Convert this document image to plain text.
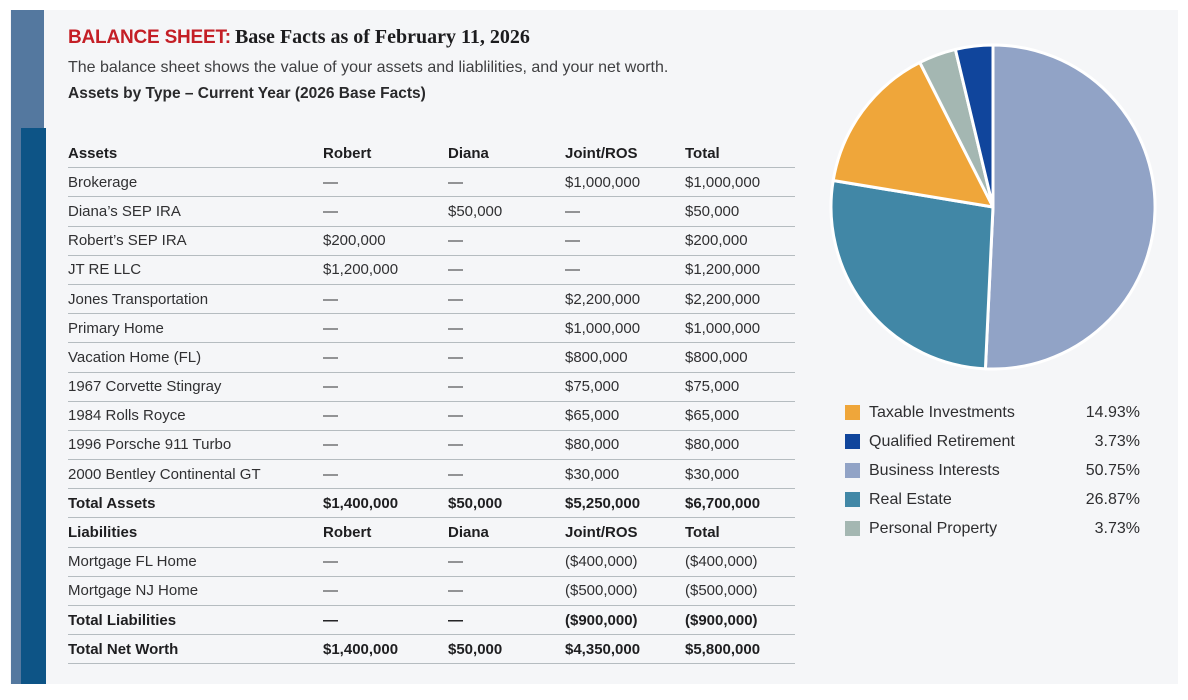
BALANCE SHEET: Base Facts as of February 11, 2026
The balance sheet shows the value of your assets and liablilities, and your net worth.
Assets by Type – Current Year (2026 Base Facts)
Assets	Robert	Diana	Joint/ROS	Total
Brokerage	—	—	$1,000,000	$1,000,000
Diana’s SEP IRA	—	$50,000	—	$50,000
Robert’s SEP IRA	$200,000	—	—	$200,000
JT RE LLC	$1,200,000	—	—	$1,200,000
Jones Transportation	—	—	$2,200,000	$2,200,000
Primary Home	—	—	$1,000,000	$1,000,000
Vacation Home (FL)	—	—	$800,000	$800,000
1967 Corvette Stingray	—	—	$75,000	$75,000
1984 Rolls Royce	—	—	$65,000	$65,000
1996 Porsche 911 Turbo	—	—	$80,000	$80,000
2000 Bentley Continental GT	—	—	$30,000	$30,000
Total Assets	$1,400,000	$50,000	$5,250,000	$6,700,000
Liabilities	Robert	Diana	Joint/ROS	Total
Mortgage FL Home	—	—	($400,000)	($400,000)
Mortgage NJ Home	—	—	($500,000)	($500,000)
Total Liabilities	—	—	($900,000)	($900,000)
Total Net Worth	$1,400,000	$50,000	$4,350,000	$5,800,000
Taxable Investments	14.93%
Qualified Retirement	3.73%
Business Interests	50.75%
Real Estate	26.87%
Personal Property	3.73%
